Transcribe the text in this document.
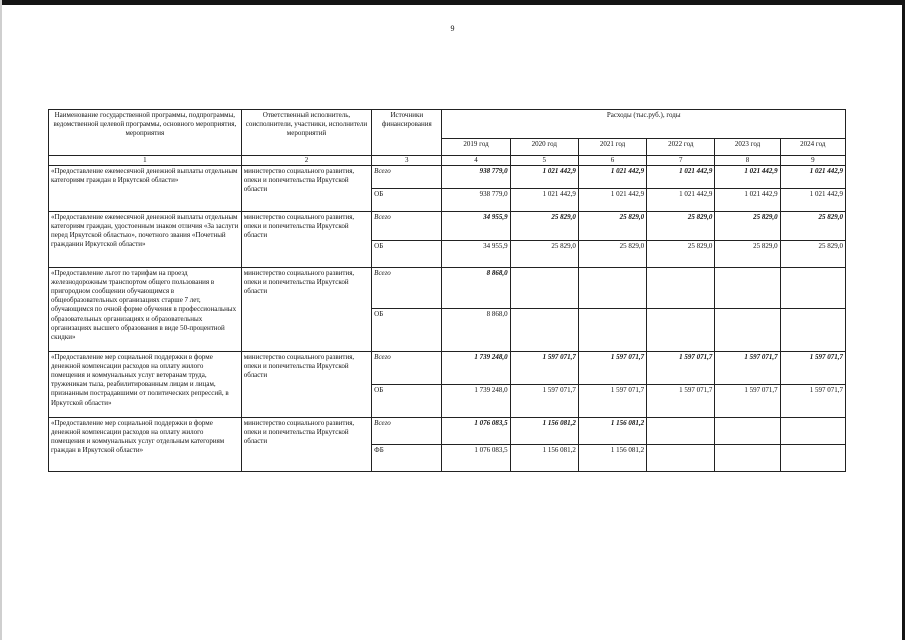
9
Наименование государственной программы, подпрограммы, ведомственной целевой программы, основного мероприятия, мероприятия	Ответственный исполнитель, соисполнители, участники, исполнители мероприятий	Источники финансирования	Расходы (тыс.руб.), годы					
			2019 год	2020 год	2021 год	2022 год	2023 год	2024 год
1	2	3	4	5	6	7	8	9
«Предоставление ежемесячной денежной выплаты отдельным категориям граждан в Иркутской области»	министерство социального развития, опеки и попечительства Иркутской области	Всего	938 779,0	1 021 442,9	1 021 442,9	1 021 442,9	1 021 442,9	1 021 442,9
		ОБ	938 779,0	1 021 442,9	1 021 442,9	1 021 442,9	1 021 442,9	1 021 442,9
«Предоставление ежемесячной денежной выплаты отдельным категориям граждан, удостоенным знаком отличия «За заслуги перед Иркутской областью», почетного звания «Почетный гражданин Иркутской области»	министерство социального развития, опеки и попечительства Иркутской области	Всего	34 955,9	25 829,0	25 829,0	25 829,0	25 829,0	25 829,0
		ОБ	34 955,9	25 829,0	25 829,0	25 829,0	25 829,0	25 829,0
«Предоставление льгот по тарифам на проезд железнодорожным транспортом общего пользования в пригородном сообщении обучающимся в общеобразовательных организациях старше 7 лет, обучающимся по очной форме обучения в профессиональных образовательных организациях и образовательных организациях высшего образования в виде 50-процентной скидки»	министерство социального развития, опеки и попечительства Иркутской области	Всего	8 868,0					
		ОБ	8 868,0					
«Предоставление мер социальной поддержки в форме денежной компенсации расходов на оплату жилого помещения и коммунальных услуг ветеранам труда, труженикам тыла, реабилитированным лицам и лицам, признанным пострадавшими от политических репрессий, в Иркутской области»	министерство социального развития, опеки и попечительства Иркутской области	Всего	1 739 248,0	1 597 071,7	1 597 071,7	1 597 071,7	1 597 071,7	1 597 071,7
		ОБ	1 739 248,0	1 597 071,7	1 597 071,7	1 597 071,7	1 597 071,7	1 597 071,7
«Предоставление мер социальной поддержки в форме денежной компенсации расходов на оплату жилого помещения и коммунальных услуг отдельным категориям граждан в Иркутской области»	министерство социального развития, опеки и попечительства Иркутской области	Всего	1 076 083,5	1 156 081,2	1 156 081,2			
		ФБ	1 076 083,5	1 156 081,2	1 156 081,2			
